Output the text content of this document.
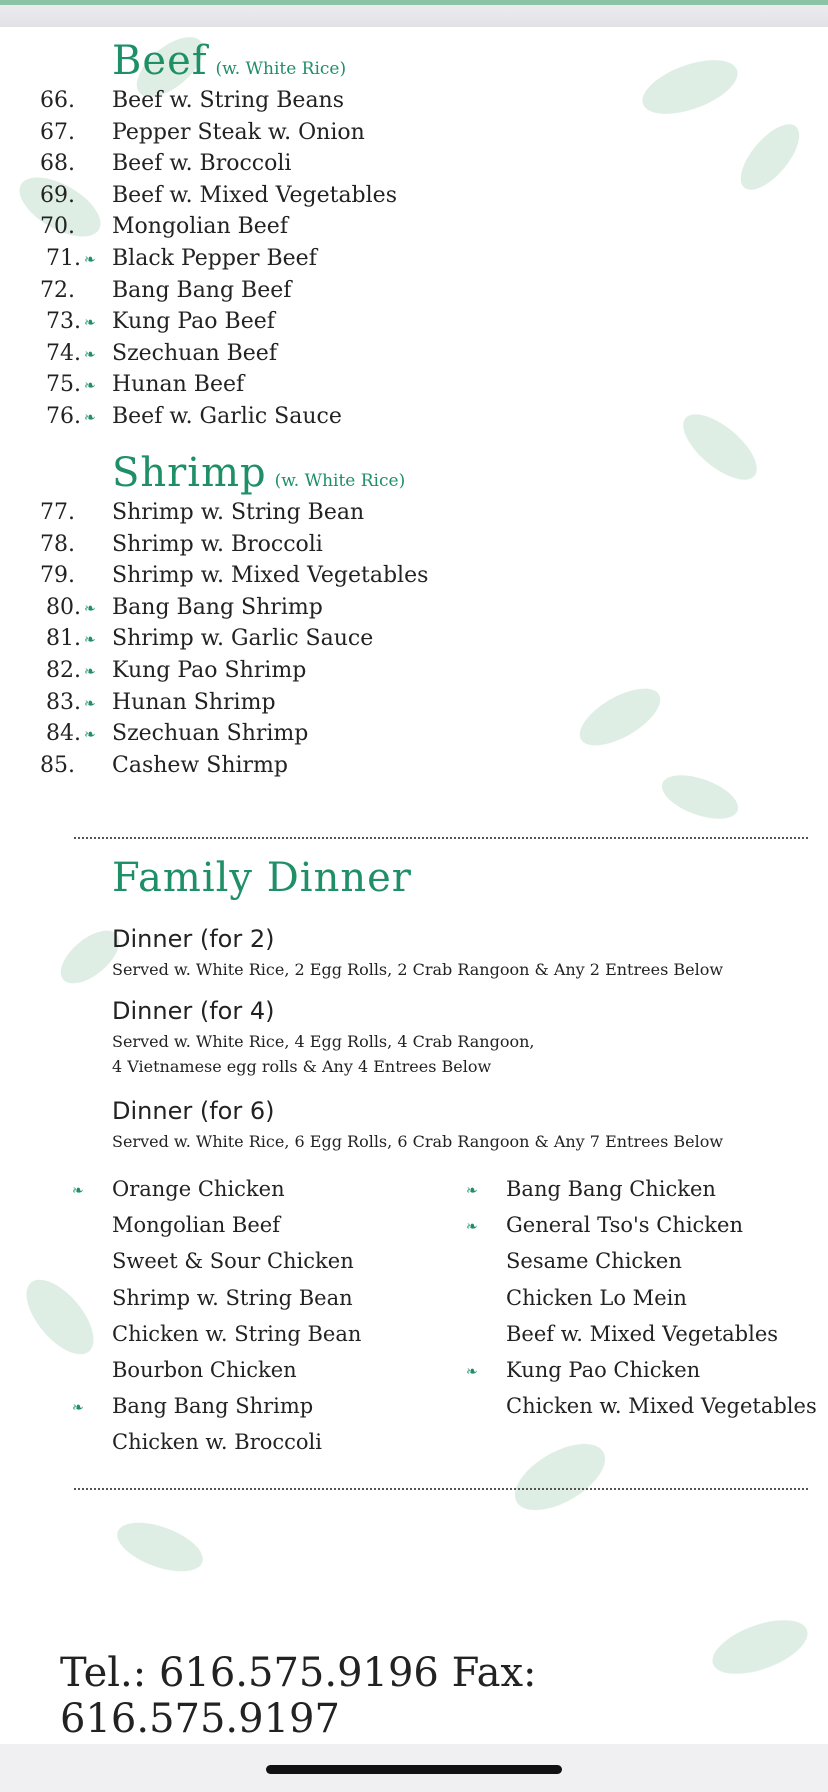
Beef (w. White Rice)
66. Beef w. String Beans
67. Pepper Steak w. Onion
68. Beef w. Broccoli
69. Beef w. Mixed Vegetables
70. Mongolian Beef
71. ❧ Black Pepper Beef
72. Bang Bang Beef
73. ❧ Kung Pao Beef
74. ❧ Szechuan Beef
75. ❧ Hunan Beef
76. ❧ Beef w. Garlic Sauce
Shrimp (w. White Rice)
77. Shrimp w. String Bean
78. Shrimp w. Broccoli
79. Shrimp w. Mixed Vegetables
80. ❧ Bang Bang Shrimp
81. ❧ Shrimp w. Garlic Sauce
82. ❧ Kung Pao Shrimp
83. ❧ Hunan Shrimp
84. ❧ Szechuan Shrimp
85. Cashew Shirmp
Family Dinner
Dinner (for 2)
Served w. White Rice, 2 Egg Rolls, 2 Crab Rangoon & Any 2 Entrees Below
Dinner (for 4)
Served w. White Rice, 4 Egg Rolls, 4 Crab Rangoon,
4 Vietnamese egg rolls & Any 4 Entrees Below
Dinner (for 6)
Served w. White Rice, 6 Egg Rolls, 6 Crab Rangoon & Any 7 Entrees Below
❧ Orange Chicken
Mongolian Beef
Sweet & Sour Chicken
Shrimp w. String Bean
Chicken w. String Bean
Bourbon Chicken
❧ Bang Bang Shrimp
Chicken w. Broccoli
❧ Bang Bang Chicken
❧ General Tso's Chicken
Sesame Chicken
Chicken Lo Mein
Beef w. Mixed Vegetables
❧ Kung Pao Chicken
Chicken w. Mixed Vegetables
Tel.: 616.575.9196 Fax: 616.575.9197
